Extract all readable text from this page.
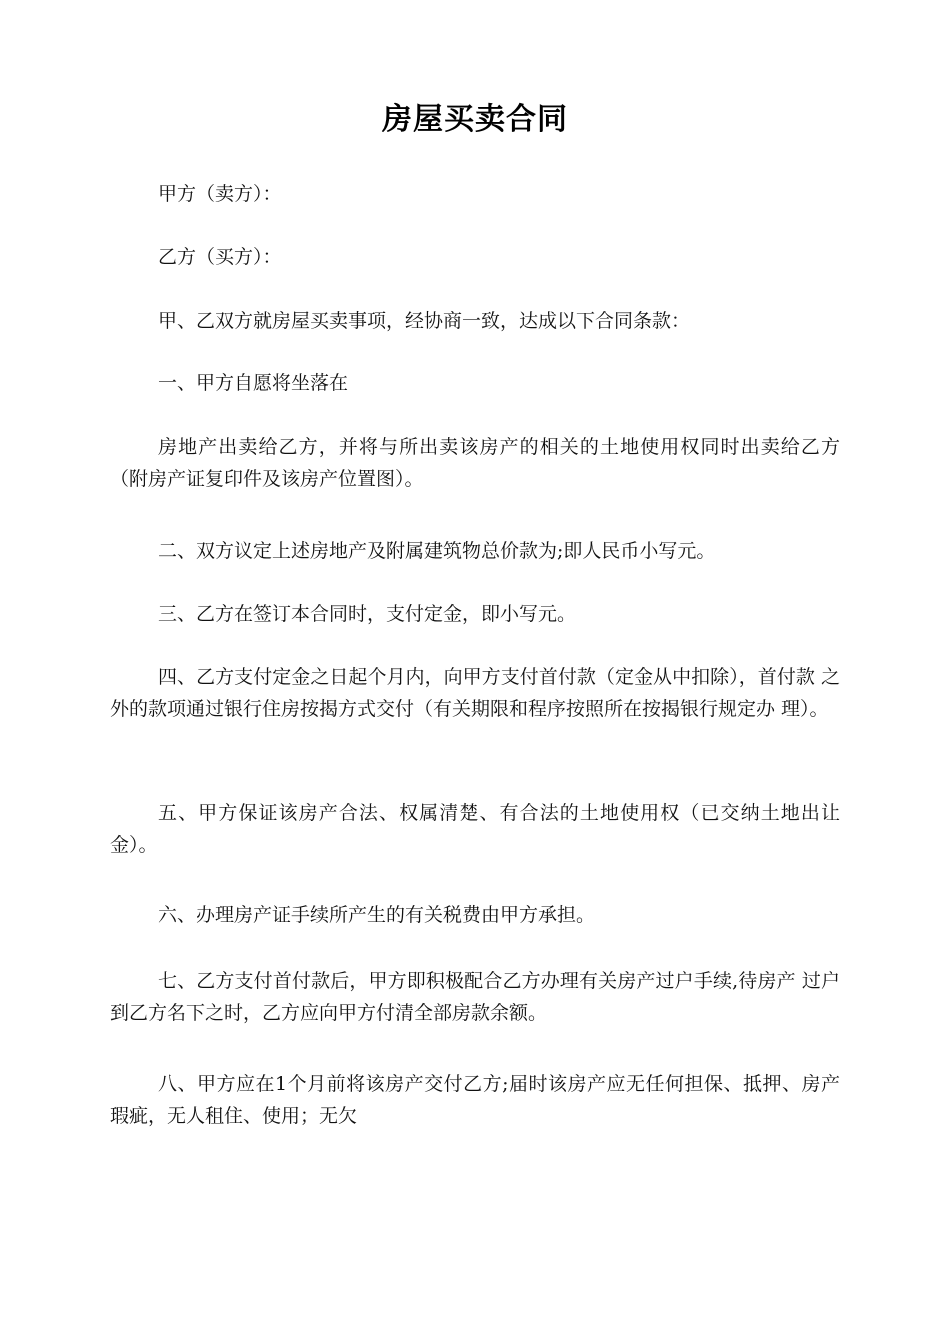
房屋买卖合同

甲方（卖方）：

乙方（买方）：

甲、乙双方就房屋买卖事项，经协商一致，达成以下合同条款：

一、甲方自愿将坐落在

房地产出卖给乙方，并将与所出卖该房产的相关的土地使用权同时出卖给乙方 （附房产证复印件及该房产位置图）。

二、双方议定上述房地产及附属建筑物总价款为;即人民币小写元。

三、乙方在签订本合同时，支付定金，即小写元。

四、乙方支付定金之日起个月内，向甲方支付首付款（定金从中扣除），首付款 之外的款项通过银行住房按揭方式交付（有关期限和程序按照所在按揭银行规定办 理）。

五、甲方保证该房产合法、权属清楚、有合法的土地使用权（已交纳土地出让 金）。

六、办理房产证手续所产生的有关税费由甲方承担。

七、乙方支付首付款后，甲方即积极配合乙方办理有关房产过户手续,待房产 过户到乙方名下之时，乙方应向甲方付清全部房款余额。

八、甲方应在1个月前将该房产交付乙方;届时该房产应无任何担保、抵押、房产瑕疵，无人租住、使用；无欠
